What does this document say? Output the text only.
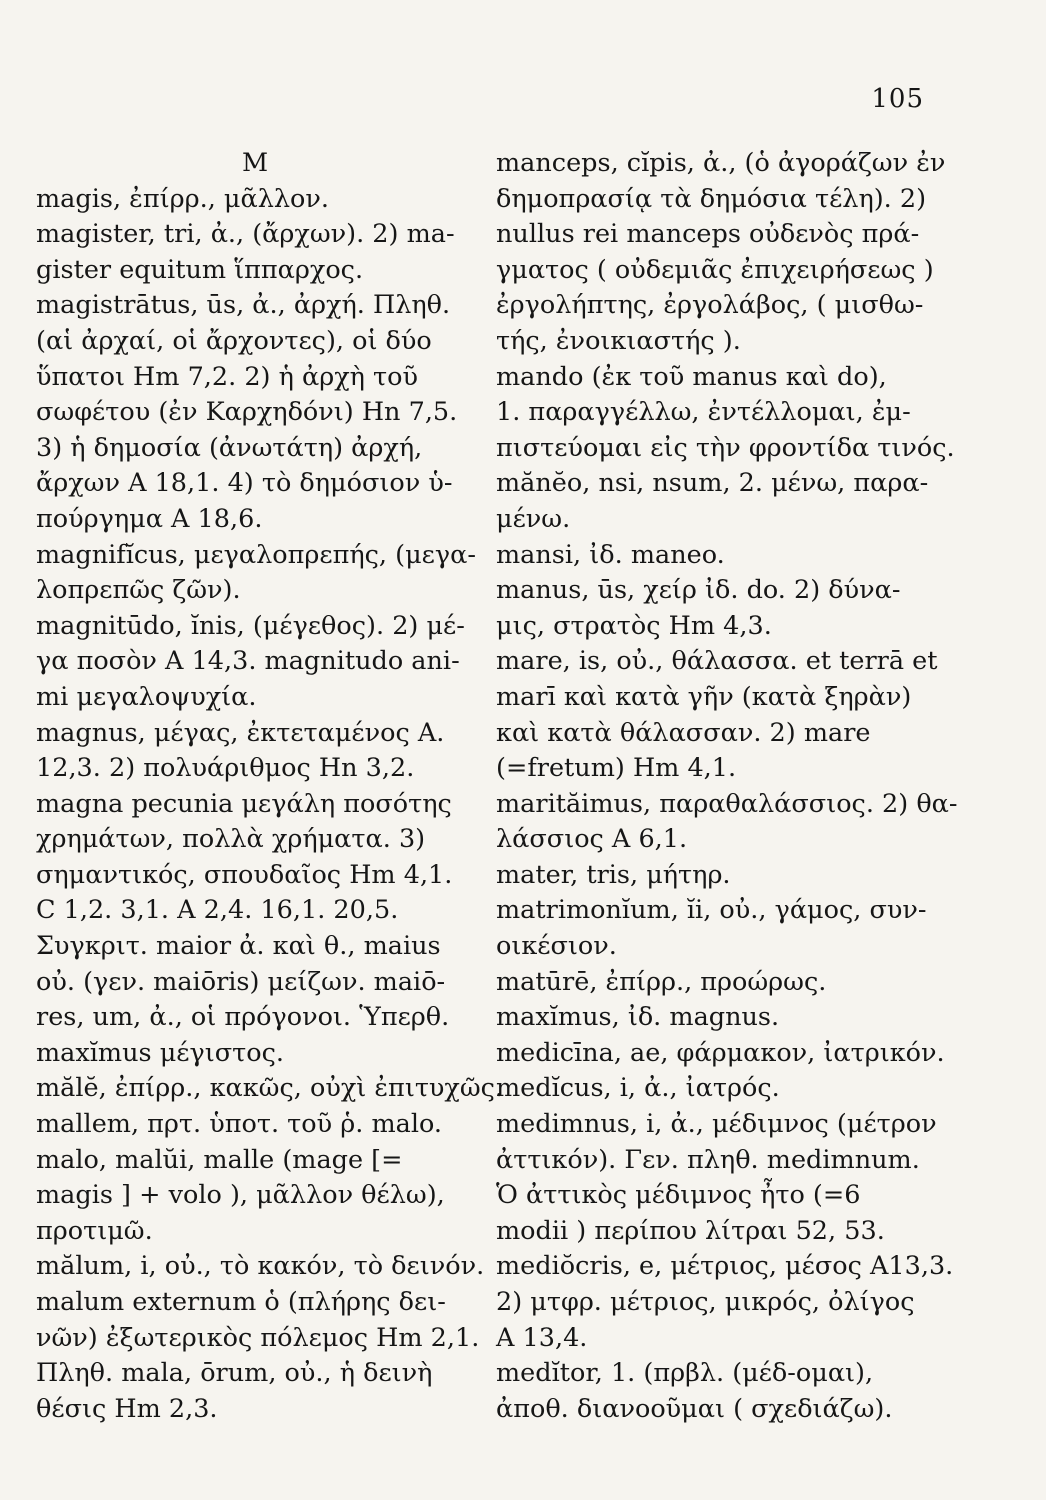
105
M
magis, ἐπίρρ., μᾶλλον.
magister, tri, ἀ., (ἄρχων). 2) ma-
gister equitum ἵππαρχος.
magistrātus, ūs, ἀ., ἀρχή. Πληθ.
(αἱ ἀρχαί, οἱ ἄρχοντες), οἱ δύο
ὕπατοι Hm 7,2. 2) ἡ ἀρχὴ τοῦ
σωφέτου (ἐν Καρχηδόνι) Hn 7,5.
3) ἡ δημοσία (ἀνωτάτη) ἀρχή,
ἄρχων A 18,1. 4) τὸ δημόσιον ὑ-
πούργημα A 18,6.
magnifĭcus, μεγαλοπρεπής, (μεγα-
λοπρεπῶς ζῶν).
magnitūdo, ĭnis, (μέγεθος). 2) μέ-
γα ποσὸν A 14,3. magnitudo ani-
mi μεγαλοψυχία.
magnus, μέγας, ἐκτεταμένος A.
12,3. 2) πολυάριθμος Hn 3,2.
magna pecunia μεγάλη ποσότης
χρημάτων, πολλὰ χρήματα. 3)
σημαντικός, σπουδαῖος Hm 4,1.
C 1,2. 3,1. A 2,4. 16,1. 20,5.
Συγκριτ. maior ἀ. καὶ θ., maius
οὐ. (γεν. maiōris) μείζων. maiō-
res, um, ἀ., οἱ πρόγονοι. Ὑπερθ.
maxĭmus μέγιστος.
mălĕ, ἐπίρρ., κακῶς, οὐχὶ ἐπιτυχῶς.
mallem, πρτ. ὑποτ. τοῦ ῥ. malo.
malo, malŭi, malle (mage [=
magis ] + volo ), μᾶλλον θέλω),
προτιμῶ.
mălum, i, οὐ., τὸ κακόν, τὸ δεινόν.
malum externum ὁ (πλήρης δει-
νῶν) ἐξωτερικὸς πόλεμος Hm 2,1.
Πληθ. mala, ōrum, οὐ., ἡ δεινὴ
θέσις Hm 2,3.
manceps, cĭpis, ἀ., (ὁ ἀγοράζων ἐν
δημοπρασίᾳ τὰ δημόσια τέλη). 2)
nullus rei manceps οὐδενὸς πρά-
γματος ( οὐδεμιᾶς ἐπιχειρήσεως )
ἐργολήπτης, ἐργολάβος, ( μισθω-
τής, ἐνοικιαστής ).
mando (ἐκ τοῦ manus καὶ do),
1. παραγγέλλω, ἐντέλλομαι, ἐμ-
πιστεύομαι εἰς τὴν φροντίδα τινός.
mănĕo, nsi, nsum, 2. μένω, παρα-
μένω.
mansi, ἰδ. maneo.
manus, ūs, χείρ ἰδ. do. 2) δύνα-
μις, στρατὸς Hm 4,3.
mare, is, οὐ., θάλασσα. et terrā et
marī καὶ κατὰ γῆν (κατὰ ξηρὰν)
καὶ κατὰ θάλασσαν. 2) mare
(=fretum) Hm 4,1.
marităimus, παραθαλάσσιος. 2) θα-
λάσσιος A 6,1.
mater, tris, μήτηρ.
matrimonĭum, ĭi, οὐ., γάμος, συν-
οικέσιον.
matūrē, ἐπίρρ., προώρως.
maxĭmus, ἰδ. magnus.
medicīna, ae, φάρμακον, ἰατρικόν.
medĭcus, i, ἀ., ἰατρός.
medimnus, i, ἀ., μέδιμνος (μέτρον
ἀττικόν). Γεν. πληθ. medimnum.
Ὁ ἀττικὸς μέδιμνος ἦτο (=6
modii ) περίπου λίτραι 52, 53.
mediŏcris, e, μέτριος, μέσος A13,3.
2) μτφρ. μέτριος, μικρός, ὀλίγος
A 13,4.
medĭtor, 1. (πρβλ. (μέδ-ομαι),
ἀποθ. διανοοῦμαι ( σχεδιάζω).
